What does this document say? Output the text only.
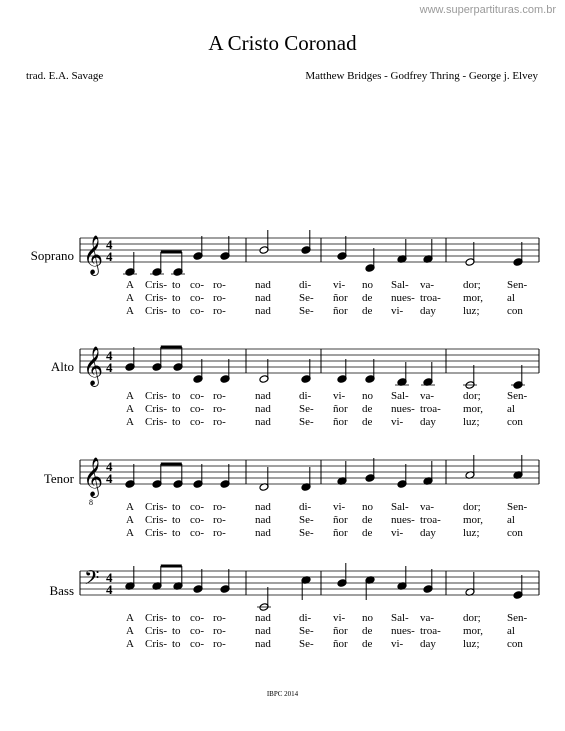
www.superpartituras.com.br
A Cristo Coronad
trad. E.A. Savage	Matthew Bridges - Godfrey Thring - George j. Elvey
Soprano
Alto
Tenor
Bass
𝄞 4
4
𝄞 4
4
𝄞
8
4
4
𝄢 4
4
A Cris- to co- ro-	nad	di- vi- no Sal- va-	dor; Sen-
A Cris- to co- ro-	nad	Se- ñor de nues- troa- mor, al
A Cris- to co- ro-	nad	Se- ñor de vi- day luz;	con
A Cris- to co- ro-	nad	di- vi- no Sal- va-	dor; Sen-
A Cris- to co- ro-	nad	Se- ñor de nues- troa- mor, al
A Cris- to co- ro-	nad	Se- ñor de vi- day luz;	con
A Cris- to co- ro-	nad	di- vi- no Sal- va-	dor; Sen-
A Cris- to co- ro-	nad	Se- ñor de nues- troa- mor, al
A Cris- to co- ro-	nad	Se- ñor de vi- day luz;	con
A Cris- to co- ro-	nad	di- vi- no Sal- va-	dor; Sen-
A Cris- to co- ro-	nad	Se- ñor de nues- troa- mor, al
A Cris- to co- ro-	nad	Se- ñor de vi- day luz;	con
IBPC 2014
